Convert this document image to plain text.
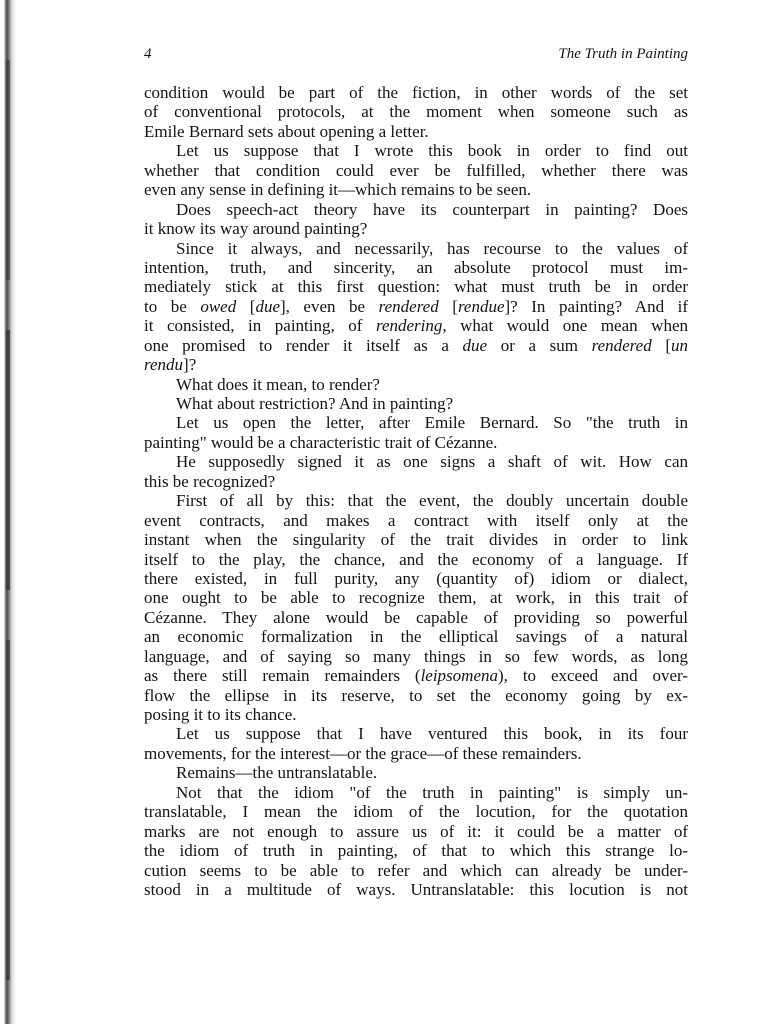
4	The Truth in Painting
condition would be part of the fiction, in other words of the set
of conventional protocols, at the moment when someone such as
Emile Bernard sets about opening a letter.
Let us suppose that I wrote this book in order to find out
whether that condition could ever be fulfilled, whether there was
even any sense in defining it—which remains to be seen.
Does speech-act theory have its counterpart in painting? Does
it know its way around painting?
Since it always, and necessarily, has recourse to the values of
intention, truth, and sincerity, an absolute protocol must im-
mediately stick at this first question: what must truth be in order
to be owed [due], even be rendered [rendue]? In painting? And if
it consisted, in painting, of rendering, what would one mean when
one promised to render it itself as a due or a sum rendered [un
rendu]?
What does it mean, to render?
What about restriction? And in painting?
Let us open the letter, after Emile Bernard. So "the truth in
painting" would be a characteristic trait of Cézanne.
He supposedly signed it as one signs a shaft of wit. How can
this be recognized?
First of all by this: that the event, the doubly uncertain double
event contracts, and makes a contract with itself only at the
instant when the singularity of the trait divides in order to link
itself to the play, the chance, and the economy of a language. If
there existed, in full purity, any (quantity of) idiom or dialect,
one ought to be able to recognize them, at work, in this trait of
Cézanne. They alone would be capable of providing so powerful
an economic formalization in the elliptical savings of a natural
language, and of saying so many things in so few words, as long
as there still remain remainders (leipsomena), to exceed and over-
flow the ellipse in its reserve, to set the economy going by ex-
posing it to its chance.
Let us suppose that I have ventured this book, in its four
movements, for the interest—or the grace—of these remainders.
Remains—the untranslatable.
Not that the idiom "of the truth in painting" is simply un-
translatable, I mean the idiom of the locution, for the quotation
marks are not enough to assure us of it: it could be a matter of
the idiom of truth in painting, of that to which this strange lo-
cution seems to be able to refer and which can already be under-
stood in a multitude of ways. Untranslatable: this locution is not
